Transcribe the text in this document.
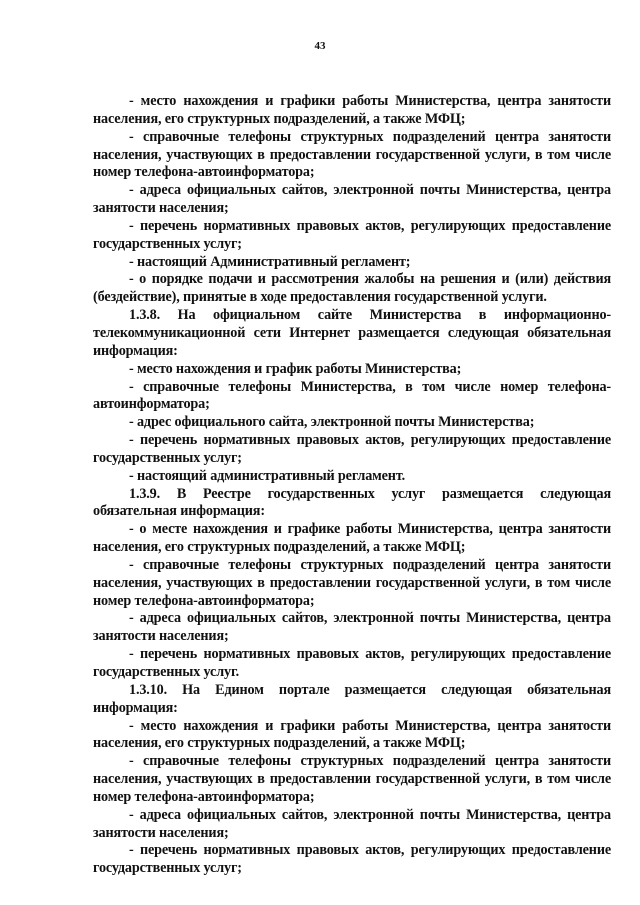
43

- место нахождения и графики работы Министерства, центра занятости населения, его структурных подразделений, а также МФЦ;

- справочные телефоны структурных подразделений центра занятости населения, участвующих в предоставлении государственной услуги, в том числе номер телефона-автоинформатора;

- адреса официальных сайтов, электронной почты Министерства, центра занятости населения;

- перечень нормативных правовых актов, регулирующих предоставление государственных услуг;

- настоящий Административный регламент;

- о порядке подачи и рассмотрения жалобы на решения и (или) действия (бездействие), принятые в ходе предоставления государственной услуги.

1.3.8. На официальном сайте Министерства в информационно-телекоммуникационной сети Интернет размещается следующая обязательная информация:

- место нахождения и график работы Министерства;

- справочные телефоны Министерства, в том числе номер телефона-автоинформатора;

- адрес официального сайта, электронной почты Министерства;

- перечень нормативных правовых актов, регулирующих предоставление государственных услуг;

- настоящий административный регламент.

1.3.9. В Реестре государственных услуг размещается следующая обязательная информация:

- о месте нахождения и графике работы Министерства, центра занятости населения, его структурных подразделений, а также МФЦ;

- справочные телефоны структурных подразделений центра занятости населения, участвующих в предоставлении государственной услуги, в том числе номер телефона-автоинформатора;

- адреса официальных сайтов, электронной почты Министерства, центра занятости населения;

- перечень нормативных правовых актов, регулирующих предоставление государственных услуг.

1.3.10. На Едином портале размещается следующая обязательная информация:

- место нахождения и графики работы Министерства, центра занятости населения, его структурных подразделений, а также МФЦ;

- справочные телефоны структурных подразделений центра занятости населения, участвующих в предоставлении государственной услуги, в том числе номер телефона-автоинформатора;

- адреса официальных сайтов, электронной почты Министерства, центра занятости населения;

- перечень нормативных правовых актов, регулирующих предоставление государственных услуг;
